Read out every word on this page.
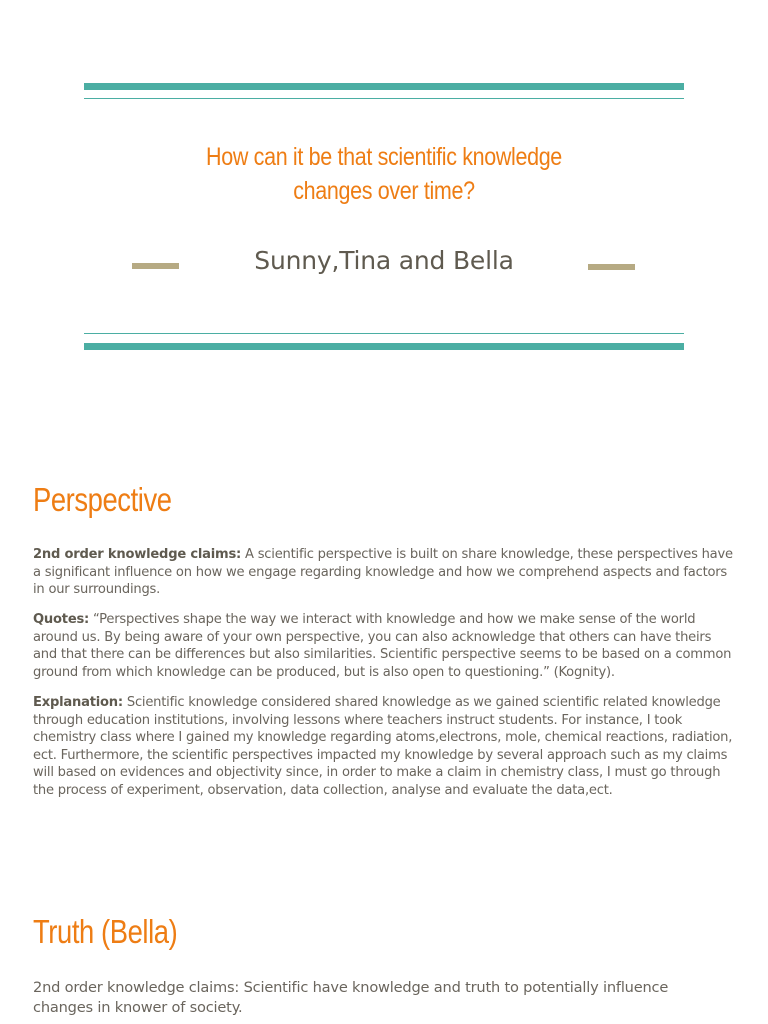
How can it be that scientific knowledge
changes over time?
Sunny,Tina and Bella
Perspective

2nd order knowledge claims: A scientific perspective is built on share knowledge, these perspectives have a significant influence on how we engage regarding knowledge and how we comprehend aspects and factors in our surroundings.

Quotes: “Perspectives shape the way we interact with knowledge and how we make sense of the world around us. By being aware of your own perspective, you can also acknowledge that others can have theirs and that there can be differences but also similarities. Scientific perspective seems to be based on a common ground from which knowledge can be produced, but is also open to questioning.” (Kognity).

Explanation: Scientific knowledge considered shared knowledge as we gained scientific related knowledge through education institutions, involving lessons where teachers instruct students. For instance, I took chemistry class where I gained my knowledge regarding atoms,electrons, mole, chemical reactions, radiation, ect. Furthermore, the scientific perspectives impacted my knowledge by several approach such as my claims will based on evidences and objectivity since, in order to make a claim in chemistry class, I must go through the process of experiment, observation, data collection, analyse and evaluate the data,ect.

Truth (Bella)

2nd order knowledge claims: Scientific have knowledge and truth to potentially influence changes in knower of society.
